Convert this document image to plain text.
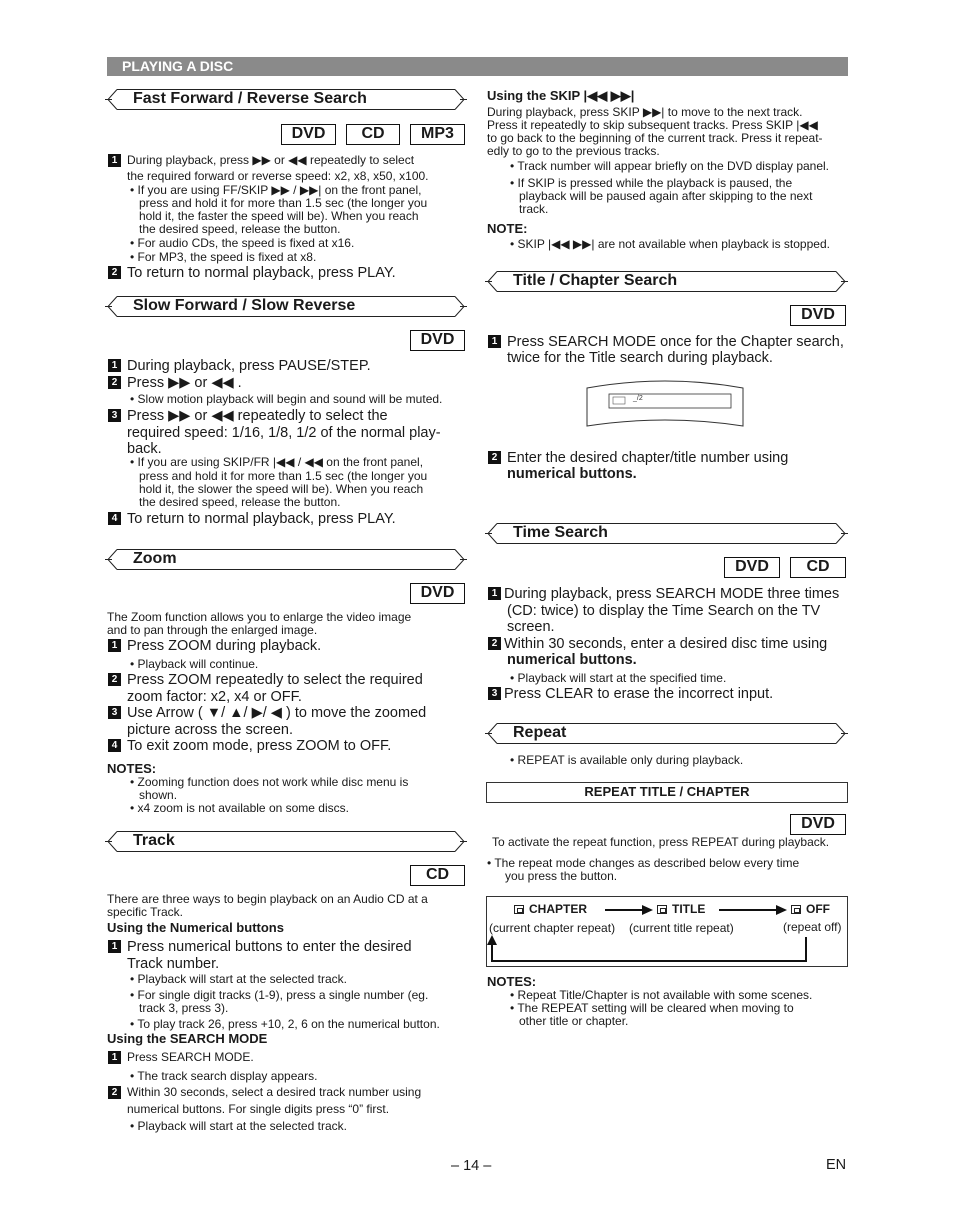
PLAYING A DISC
Fast Forward / Reverse Search
DVD	CD	MP3
1 During playback, press ▶▶ or ◀◀ repeatedly to select
the required forward or reverse speed: x2, x8, x50, x100.
• If you are using FF/SKIP ▶▶ / ▶▶| on the front panel,
press and hold it for more than 1.5 sec (the longer you
hold it, the faster the speed will be). When you reach
the desired speed, release the button.
• For audio CDs, the speed is fixed at x16.
• For MP3, the speed is fixed at x8.
2 To return to normal playback, press PLAY.
Slow Forward / Slow Reverse
DVD
1 During playback, press PAUSE/STEP.
2 Press ▶▶ or ◀◀ .
• Slow motion playback will begin and sound will be muted.
3 Press ▶▶ or ◀◀ repeatedly to select the
required speed: 1/16, 1/8, 1/2 of the normal play-
back.
• If you are using SKIP/FR |◀◀ / ◀◀ on the front panel,
press and hold it for more than 1.5 sec (the longer you
hold it, the slower the speed will be). When you reach
the desired speed, release the button.
4 To return to normal playback, press PLAY.
Zoom
DVD
The Zoom function allows you to enlarge the video image
and to pan through the enlarged image.
1 Press ZOOM during playback.
• Playback will continue.
2 Press ZOOM repeatedly to select the required
zoom factor: x2, x4 or OFF.
3 Use Arrow ( ▼/ ▲/ ▶/ ◀ ) to move the zoomed
picture across the screen.
4 To exit zoom mode, press ZOOM to OFF.
NOTES:
• Zooming function does not work while disc menu is
shown.
• x4 zoom is not available on some discs.
Track
CD
There are three ways to begin playback on an Audio CD at a
specific Track.
Using the Numerical buttons
1 Press numerical buttons to enter the desired
Track number.
• Playback will start at the selected track.
• For single digit tracks (1-9), press a single number (eg.
track 3, press 3).
• To play track 26, press +10, 2, 6 on the numerical button.
Using the SEARCH MODE
1 Press SEARCH MODE.
• The track search display appears.
2 Within 30 seconds, select a desired track number using
numerical buttons. For single digits press “0” first.
• Playback will start at the selected track.
Using the SKIP |◀◀ ▶▶|
During playback, press SKIP ▶▶| to move to the next track.
Press it repeatedly to skip subsequent tracks. Press SKIP |◀◀
to go back to the beginning of the current track. Press it repeat-
edly to go to the previous tracks.
• Track number will appear briefly on the DVD display panel.
• If SKIP is pressed while the playback is paused, the
playback will be paused again after skipping to the next
track.
NOTE:
• SKIP |◀◀ ▶▶| are not available when playback is stopped.
Title / Chapter Search
DVD
1 Press SEARCH MODE once for the Chapter search,
twice for the Title search during playback.
_/2
2 Enter the desired chapter/title number using
numerical buttons.
Time Search
DVD	CD
1 During playback, press SEARCH MODE three times
(CD: twice) to display the Time Search on the TV
screen.
2 Within 30 seconds, enter a desired disc time using
numerical buttons.
• Playback will start at the specified time.
3 Press CLEAR to erase the incorrect input.
Repeat
• REPEAT is available only during playback.
REPEAT TITLE / CHAPTER
DVD
To activate the repeat function, press REPEAT during playback.
• The repeat mode changes as described below every time
you press the button.
CHAPTER	TITLE	OFF
(current chapter repeat) (current title repeat)	(repeat off)
NOTES:
• Repeat Title/Chapter is not available with some scenes.
• The REPEAT setting will be cleared when moving to
other title or chapter.
– 14 –	EN
